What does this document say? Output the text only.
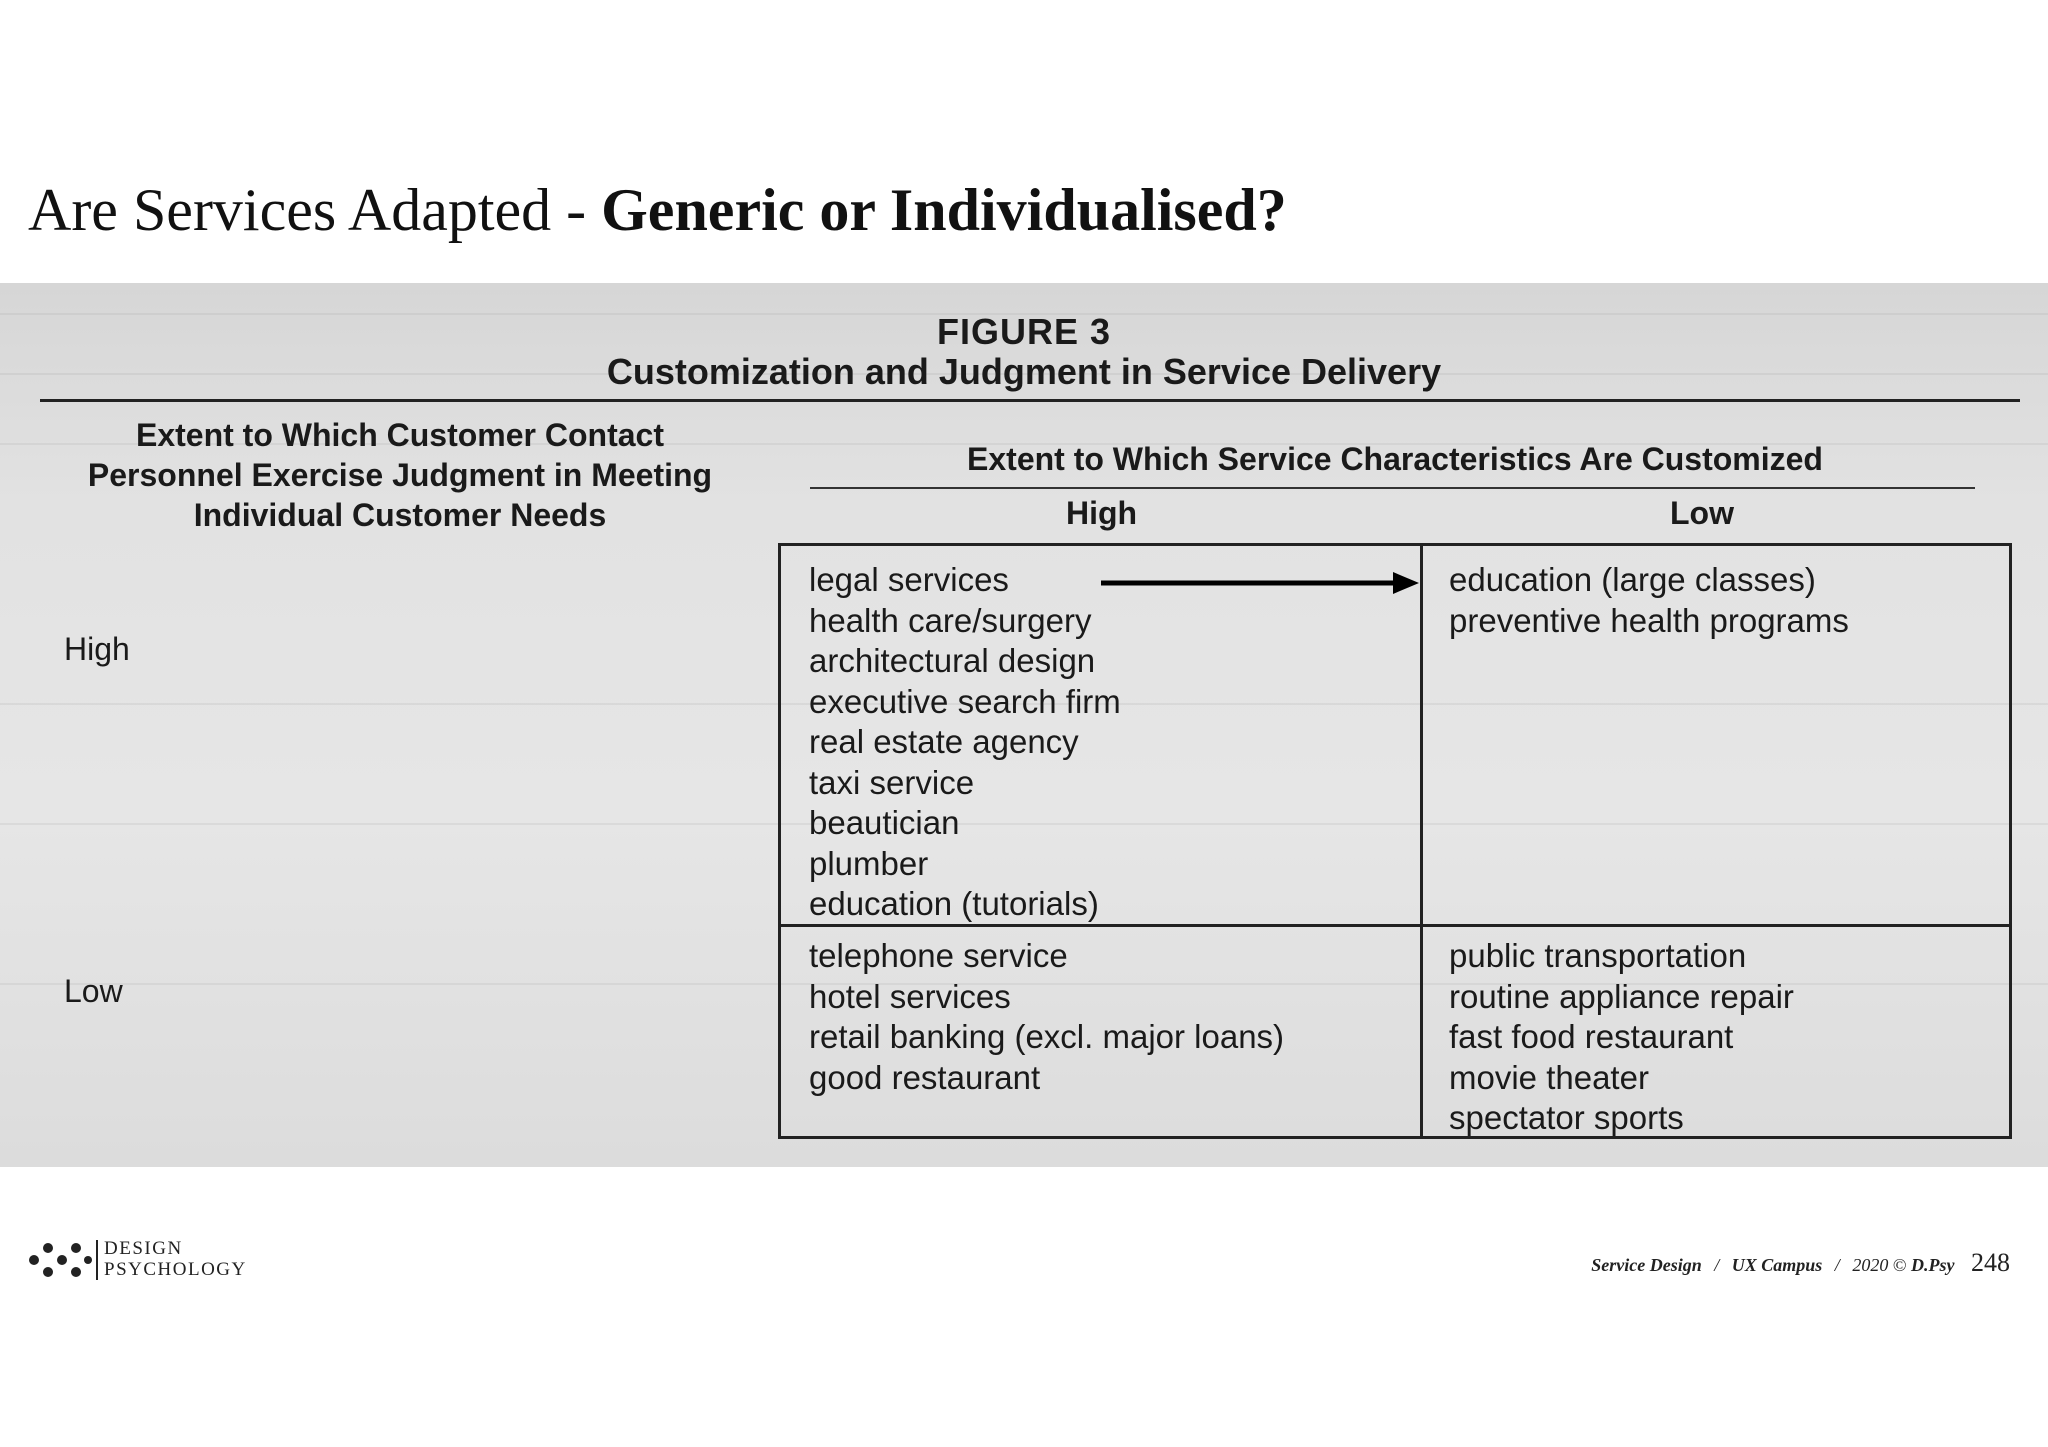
Are Services Adapted - Generic or Individualised?
FIGURE 3
Customization and Judgment in Service Delivery
Extent to Which Customer Contact
Personnel Exercise Judgment in Meeting
Individual Customer Needs
Extent to Which Service Characteristics Are Customized
High	Low
High
Low
legal services
health care/surgery
architectural design
executive search firm
real estate agency
taxi service
beautician
plumber
education (tutorials)
education (large classes)
preventive health programs
telephone service
hotel services
retail banking (excl. major loans)
good restaurant
public transportation
routine appliance repair
fast food restaurant
movie theater
spectator sports
DESIGN
PSYCHOLOGY	Service Design / UX Campus / 2020 © D.Psy 248
